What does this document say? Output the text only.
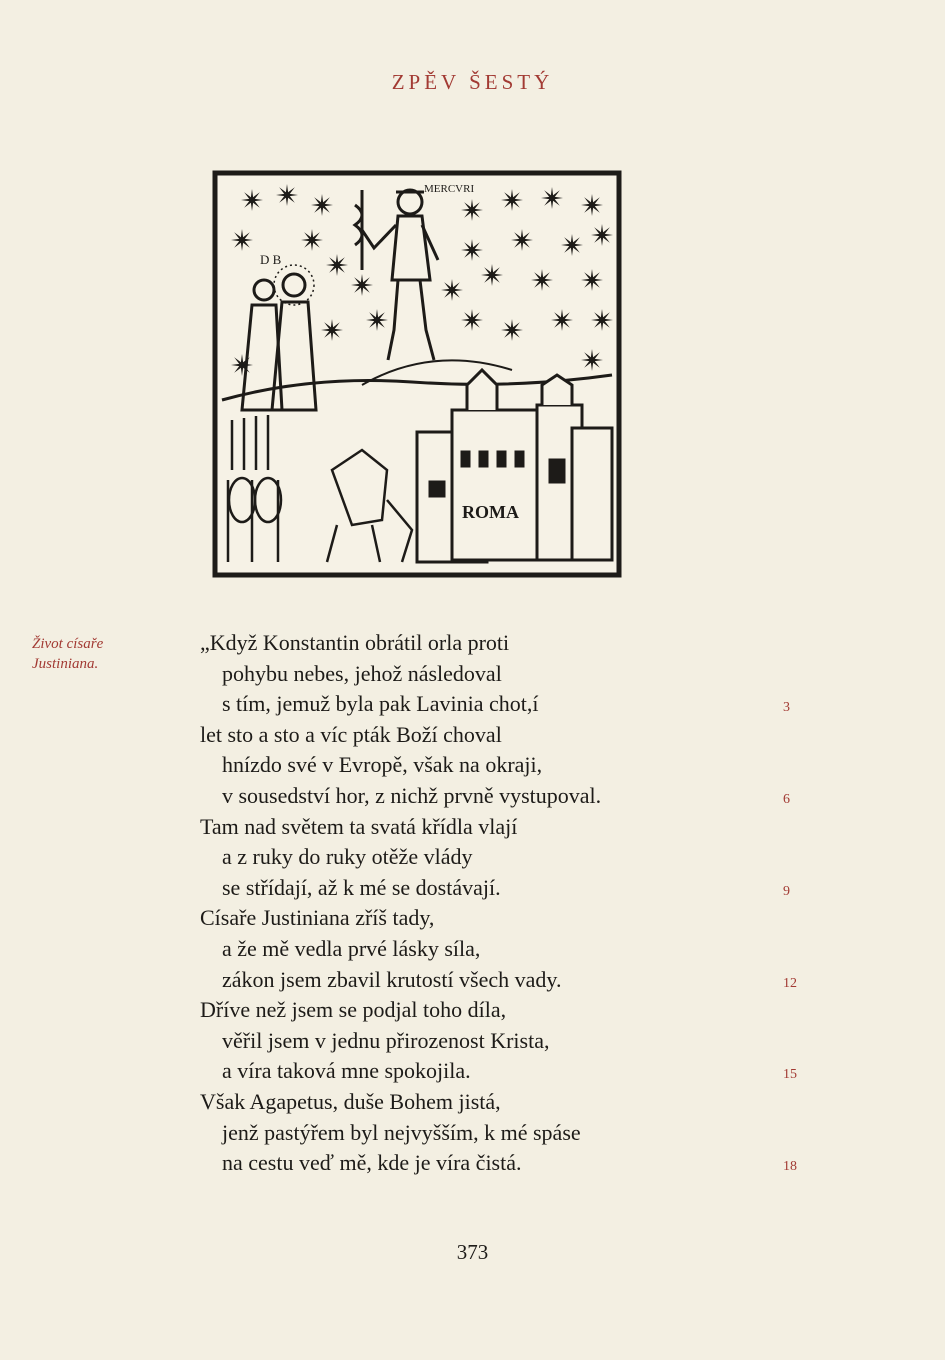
ZPĚV ŠESTÝ
MERCVRI
D B
ROMA
Život císaře
Justiniana.
„Když Konstantin obrátil orla proti
pohybu nebes, jehož následoval
s tím, jemuž byla pak Lavinia chot,í	3
let sto a sto a víc pták Boží choval
hnízdo své v Evropě, však na okraji,
v sousedství hor, z nichž prvně vystupoval.	6
Tam nad světem ta svatá křídla vlají
a z ruky do ruky otěže vlády
se střídají, až k mé se dostávají.	9
Císaře Justiniana zříš tady,
a že mě vedla prvé lásky síla,
zákon jsem zbavil krutostí všech vady.	12
Dříve než jsem se podjal toho díla,
věřil jsem v jednu přirozenost Krista,
a víra taková mne spokojila.	15
Však Agapetus, duše Bohem jistá,
jenž pastýřem byl nejvyšším, k mé spáse
na cestu veď mě, kde je víra čistá.	18
373
